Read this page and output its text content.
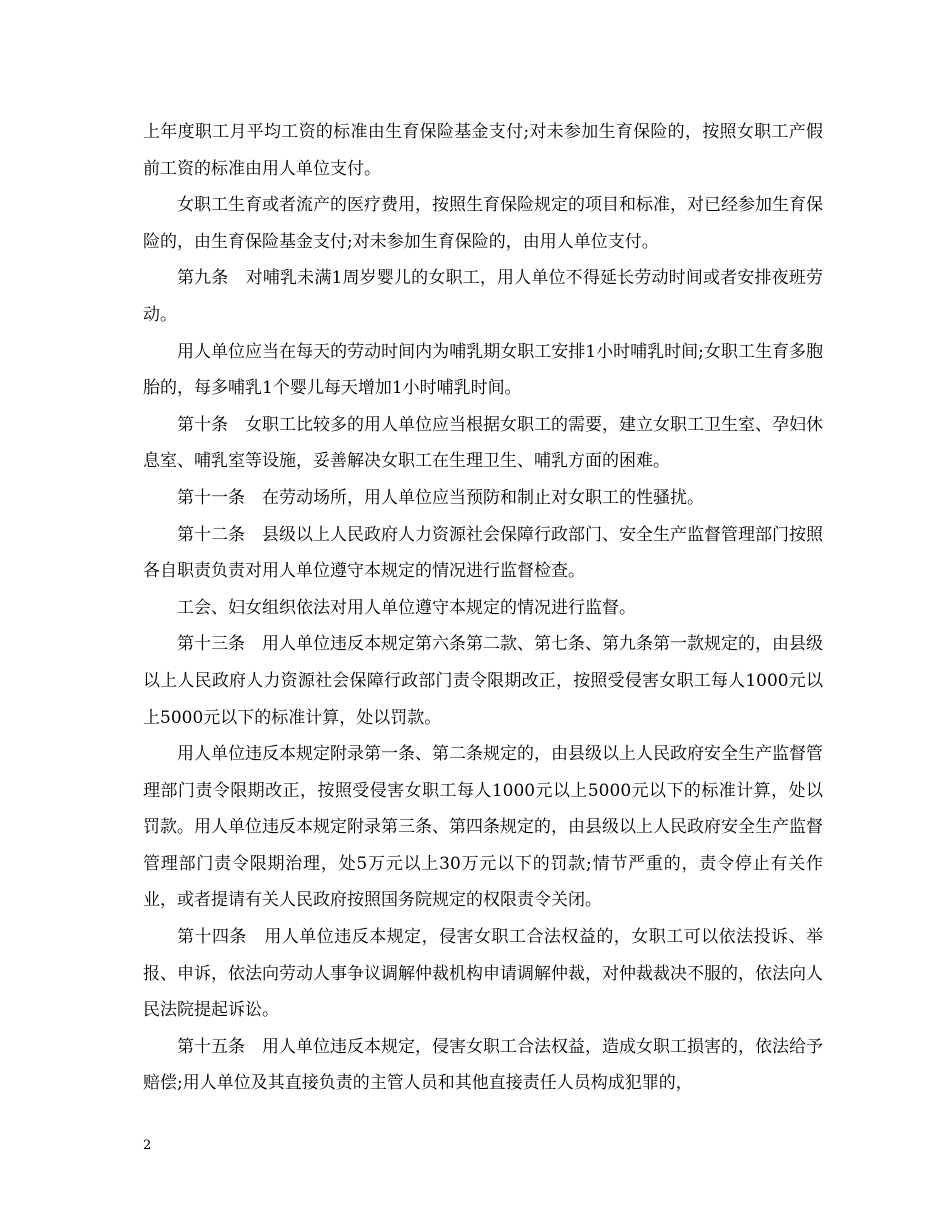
上年度职工月平均工资的标准由生育保险基金支付;对未参加生育保险的，按照女职工产假前工资的标准由用人单位支付。

女职工生育或者流产的医疗费用，按照生育保险规定的项目和标准，对已经参加生育保险的，由生育保险基金支付;对未参加生育保险的，由用人单位支付。

第九条　对哺乳未满1周岁婴儿的女职工，用人单位不得延长劳动时间或者安排夜班劳动。

用人单位应当在每天的劳动时间内为哺乳期女职工安排1小时哺乳时间;女职工生育多胞胎的，每多哺乳1个婴儿每天增加1小时哺乳时间。

第十条　女职工比较多的用人单位应当根据女职工的需要，建立女职工卫生室、孕妇休息室、哺乳室等设施，妥善解决女职工在生理卫生、哺乳方面的困难。

第十一条　在劳动场所，用人单位应当预防和制止对女职工的性骚扰。

第十二条　县级以上人民政府人力资源社会保障行政部门、安全生产监督管理部门按照各自职责负责对用人单位遵守本规定的情况进行监督检查。

工会、妇女组织依法对用人单位遵守本规定的情况进行监督。

第十三条　用人单位违反本规定第六条第二款、第七条、第九条第一款规定的，由县级以上人民政府人力资源社会保障行政部门责令限期改正，按照受侵害女职工每人1000元以上5000元以下的标准计算，处以罚款。

用人单位违反本规定附录第一条、第二条规定的，由县级以上人民政府安全生产监督管理部门责令限期改正，按照受侵害女职工每人1000元以上5000元以下的标准计算，处以罚款。用人单位违反本规定附录第三条、第四条规定的，由县级以上人民政府安全生产监督管理部门责令限期治理，处5万元以上30万元以下的罚款;情节严重的，责令停止有关作业，或者提请有关人民政府按照国务院规定的权限责令关闭。

第十四条　用人单位违反本规定，侵害女职工合法权益的，女职工可以依法投诉、举报、申诉，依法向劳动人事争议调解仲裁机构申请调解仲裁，对仲裁裁决不服的，依法向人民法院提起诉讼。

第十五条　用人单位违反本规定，侵害女职工合法权益，造成女职工损害的，依法给予赔偿;用人单位及其直接负责的主管人员和其他直接责任人员构成犯罪的，

2
